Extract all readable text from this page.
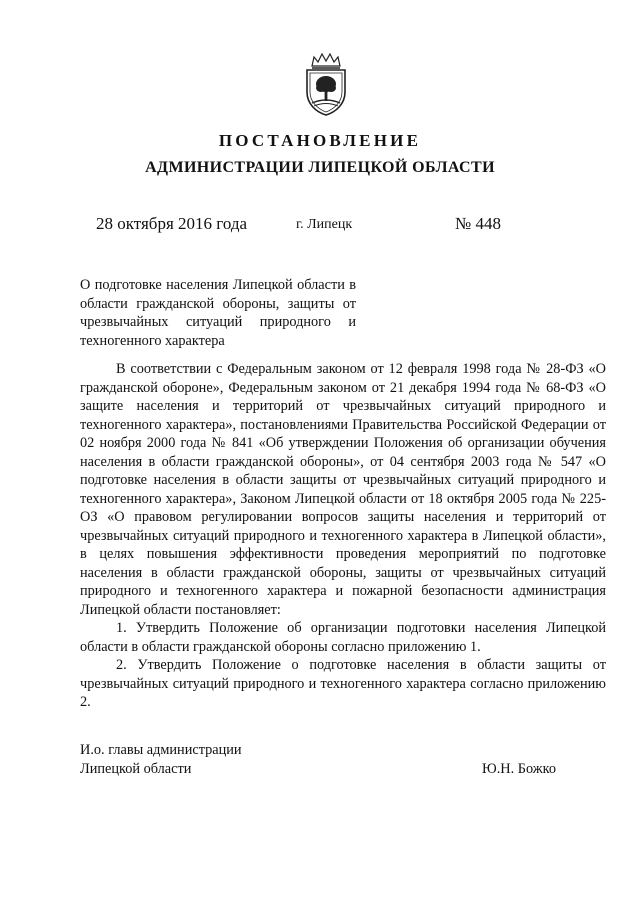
ПОСТАНОВЛЕНИЕ
АДМИНИСТРАЦИИ ЛИПЕЦКОЙ ОБЛАСТИ
28 октября 2016 года	г. Липецк	№ 448
О подготовке населения Липецкой области в области гражданской обороны, защиты от чрезвычайных ситуаций природного и техногенного характера

В соответствии с Федеральным законом от 12 февраля 1998 года № 28-ФЗ «О гражданской обороне», Федеральным законом от 21 декабря 1994 года № 68-ФЗ «О защите населения и территорий от чрезвычайных ситуаций природного и техногенного характера», постановлениями Правительства Российской Федерации от 02 ноября 2000 года № 841 «Об утверждении Положения об организации обучения населения в области гражданской обороны», от 04 сентября 2003 года № 547 «О подготовке населения в области защиты от чрезвычайных ситуаций природного и техногенного характера», Законом Липецкой области от 18 октября 2005 года № 225-ОЗ «О правовом регулировании вопросов защиты населения и территорий от чрезвычайных ситуаций природного и техногенного характера в Липецкой области», в целях повышения эффективности проведения мероприятий по подготовке населения в области гражданской обороны, защиты от чрезвычайных ситуаций природного и техногенного характера и пожарной безопасности администрация Липецкой области постановляет:

1. Утвердить Положение об организации подготовки населения Липецкой области в области гражданской обороны согласно приложению 1.

2. Утвердить Положение о подготовке населения в области защиты от чрезвычайных ситуаций природного и техногенного характера согласно приложению 2.

И.о. главы администрации
Липецкой области	Ю.Н. Божко
